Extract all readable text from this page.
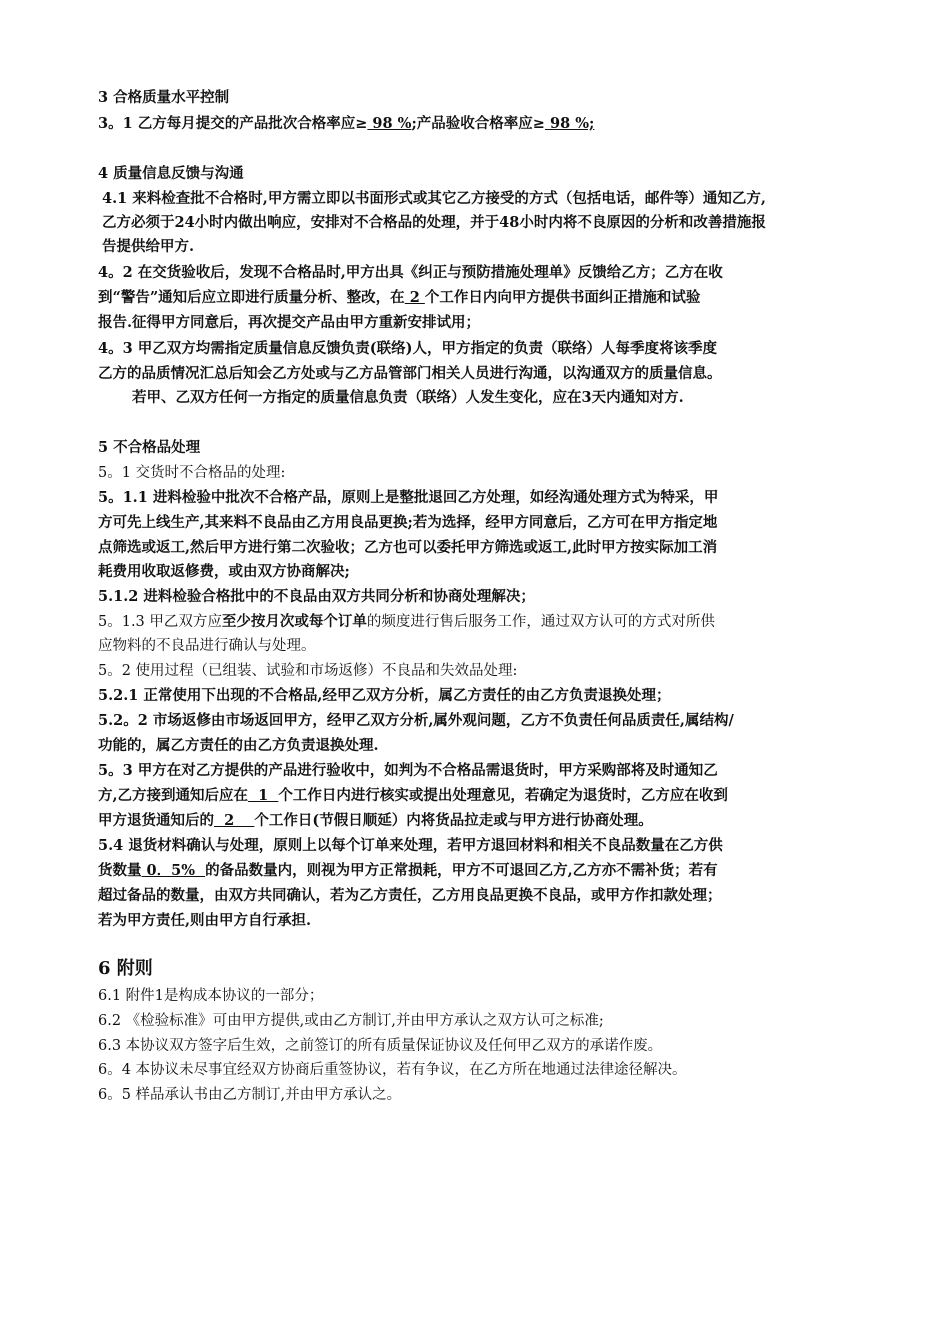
3 合格质量水平控制
3。1 乙方每月提交的产品批次合格率应≥ 98 %;产品验收合格率应≥ 98 %;
4 质量信息反馈与沟通
4.1 来料检查批不合格时,甲方需立即以书面形式或其它乙方接受的方式（包括电话，邮件等）通知乙方,
乙方必须于24小时内做出响应，安排对不合格品的处理，并于48小时内将不良原因的分析和改善措施报
告提供给甲方.
4。2 在交货验收后，发现不合格品时,甲方出具《纠正与预防措施处理单》反馈给乙方；乙方在收
到“警告”通知后应立即进行质量分析、整改，在 2 个工作日内向甲方提供书面纠正措施和试验
报告.征得甲方同意后，再次提交产品由甲方重新安排试用；
4。3 甲乙双方均需指定质量信息反馈负责(联络)人，甲方指定的负责（联络）人每季度将该季度
乙方的品质情况汇总后知会乙方处或与乙方品管部门相关人员进行沟通，以沟通双方的质量信息。
若甲、乙双方任何一方指定的质量信息负责（联络）人发生变化，应在3天内通知对方.
5 不合格品处理
5。1 交货时不合格品的处理:
5。1.1 进料检验中批次不合格产品，原则上是整批退回乙方处理，如经沟通处理方式为特采，甲
方可先上线生产,其来料不良品由乙方用良品更换;若为选择，经甲方同意后，乙方可在甲方指定地
点筛选或返工,然后甲方进行第二次验收；乙方也可以委托甲方筛选或返工,此时甲方按实际加工消
耗费用收取返修费，或由双方协商解决;
5.1.2 进料检验合格批中的不良品由双方共同分析和协商处理解决；
5。1.3 甲乙双方应至少按月次或每个订单的频度进行售后服务工作，通过双方认可的方式对所供
应物料的不良品进行确认与处理。
5。2 使用过程（已组装、试验和市场返修）不良品和失效品处理:
5.2.1 正常使用下出现的不合格品,经甲乙双方分析，属乙方责任的由乙方负责退换处理；
5.2。2 市场返修由市场返回甲方，经甲乙双方分析,属外观问题，乙方不负责任何品质责任,属结构/
功能的，属乙方责任的由乙方负责退换处理.
5。3 甲方在对乙方提供的产品进行验收中，如判为不合格品需退货时，甲方采购部将及时通知乙
方,乙方接到通知后应在  1  个工作日内进行核实或提出处理意见，若确定为退货时，乙方应在收到
甲方退货通知后的  2    个工作日(节假日顺延）内将货品拉走或与甲方进行协商处理。
5.4 退货材料确认与处理，原则上以每个订单来处理，若甲方退回材料和相关不良品数量在乙方供
货数量 0．5%  的备品数量内，则视为甲方正常损耗，甲方不可退回乙方,乙方亦不需补货；若有
超过备品的数量，由双方共同确认，若为乙方责任，乙方用良品更换不良品，或甲方作扣款处理；
若为甲方责任,则由甲方自行承担.
6 附则
6.1 附件1是构成本协议的一部分；
6.2 《检验标准》可由甲方提供,或由乙方制订,并由甲方承认之双方认可之标准;
6.3 本协议双方签字后生效，之前签订的所有质量保证协议及任何甲乙双方的承诺作废。
6。4 本协议未尽事宜经双方协商后重签协议，若有争议，在乙方所在地通过法律途径解决。
6。5 样品承认书由乙方制订,并由甲方承认之。
